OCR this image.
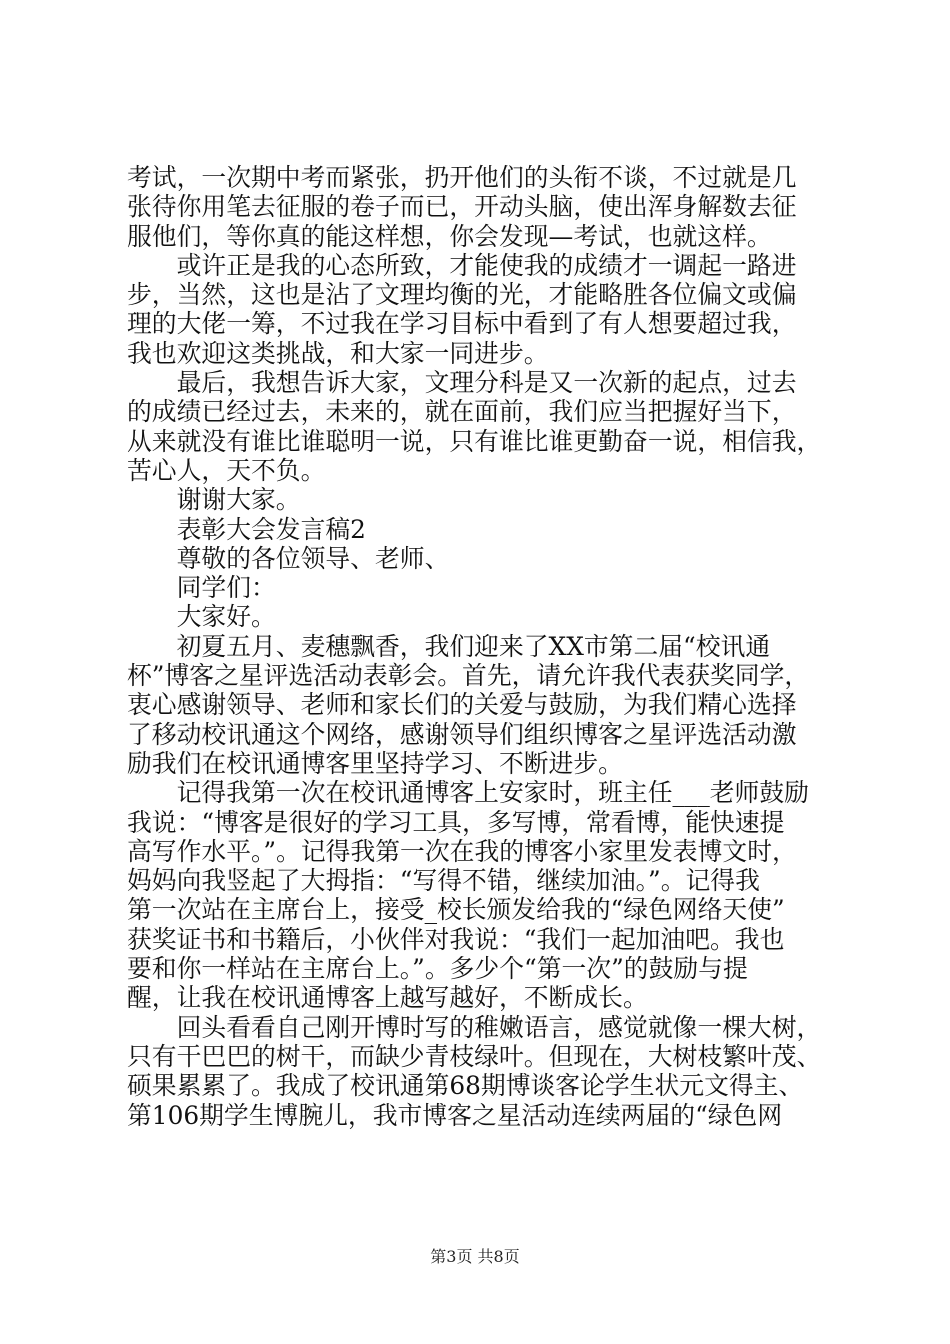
考试，一次期中考而紧张，扔开他们的头衔不谈，不过就是几
张待你用笔去征服的卷子而已，开动头脑，使出浑身解数去征
服他们，等你真的能这样想，你会发现—考试，也就这样。

或许正是我的心态所致，才能使我的成绩才一调起一路进
步，当然，这也是沾了文理均衡的光，才能略胜各位偏文或偏
理的大佬一筹，不过我在学习目标中看到了有人想要超过我，
我也欢迎这类挑战，和大家一同进步。

最后，我想告诉大家，文理分科是又一次新的起点，过去
的成绩已经过去，未来的，就在面前，我们应当把握好当下，
从来就没有谁比谁聪明一说，只有谁比谁更勤奋一说，相信我，
苦心人，天不负。

谢谢大家。

表彰大会发言稿2

尊敬的各位领导、老师、

同学们：

大家好。

初夏五月、麦穗飘香，我们迎来了XX市第二届“校讯通
杯”博客之星评选活动表彰会。首先，请允许我代表获奖同学，
衷心感谢领导、老师和家长们的关爱与鼓励，为我们精心选择
了移动校讯通这个网络，感谢领导们组织博客之星评选活动激
励我们在校讯通博客里坚持学习、不断进步。

记得我第一次在校讯通博客上安家时，班主任___老师鼓励
我说：“博客是很好的学习工具，多写博，常看博，能快速提
高写作水平。”。记得我第一次在我的博客小家里发表博文时，
妈妈向我竖起了大拇指：“写得不错，继续加油。”。记得我
第一次站在主席台上，接受_校长颁发给我的“绿色网络天使”
获奖证书和书籍后，小伙伴对我说：“我们一起加油吧。我也
要和你一样站在主席台上。”。多少个“第一次”的鼓励与提
醒，让我在校讯通博客上越写越好，不断成长。

回头看看自己刚开博时写的稚嫩语言，感觉就像一棵大树，
只有干巴巴的树干，而缺少青枝绿叶。但现在，大树枝繁叶茂、
硕果累累了。我成了校讯通第68期博谈客论学生状元文得主、
第106期学生博腕儿，我市博客之星活动连续两届的“绿色网

第3页 共8页
